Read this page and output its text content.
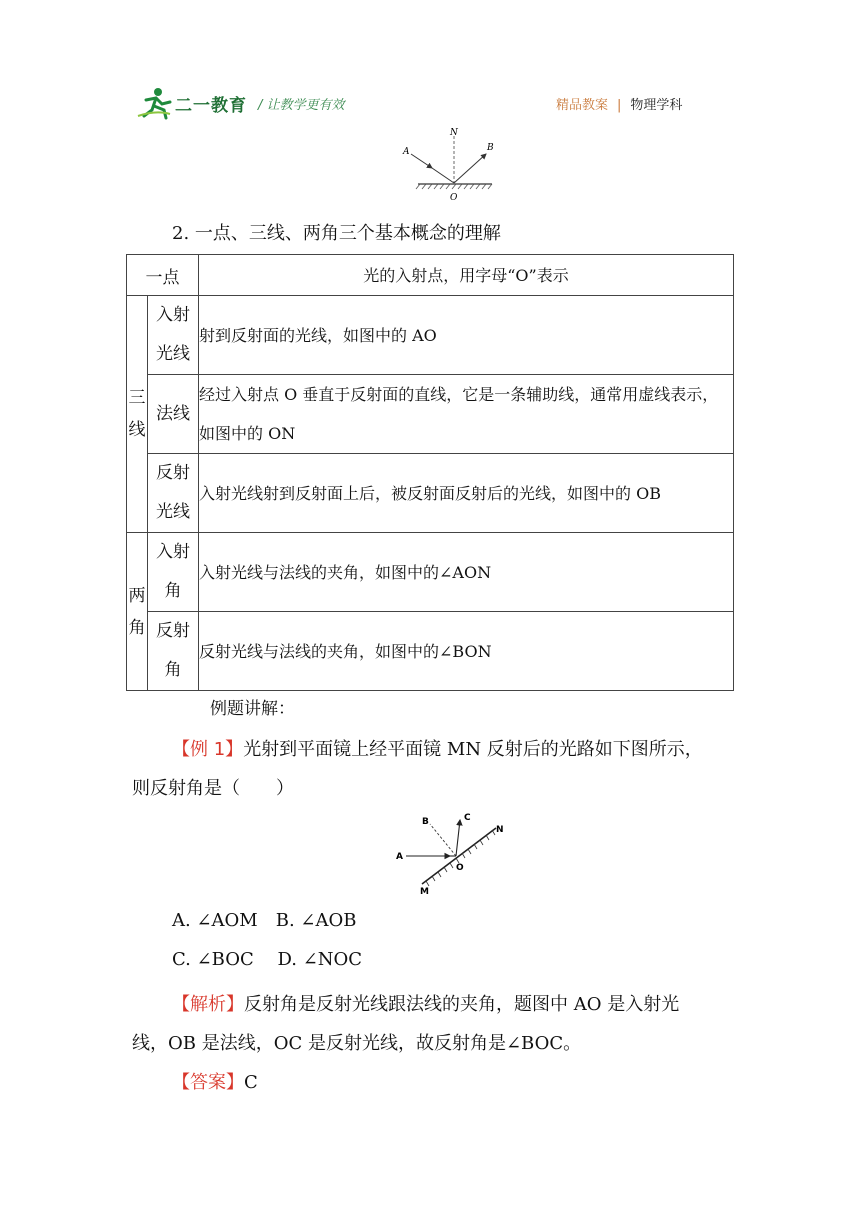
二一教育 / 让教学更有效	精品教案 | 物理学科
N
A	B
O
2. 一点、三线、两角三个基本概念的理解
一点		光的入射点，用字母“O”表示
三线	入射光线	射到反射面的光线，如图中的 AO
	法线	经过入射点 O 垂直于反射面的直线，它是一条辅助线，通常用虚线表示，如图中的 ON
	反射光线	入射光线射到反射面上后，被反射面反射后的光线，如图中的 OB
两角	入射角	入射光线与法线的夹角，如图中的∠AON
	反射角	反射光线与法线的夹角，如图中的∠BON
例题讲解：
【例 1】光射到平面镜上经平面镜 MN 反射后的光路如下图所示，
则反射角是（　　）
B	C
N
A
O
M
A. ∠AOM　B. ∠AOB
C. ∠BOC　 D. ∠NOC
【解析】反射角是反射光线跟法线的夹角，题图中 AO 是入射光
线，OB 是法线，OC 是反射光线，故反射角是∠BOC。
【答案】C
